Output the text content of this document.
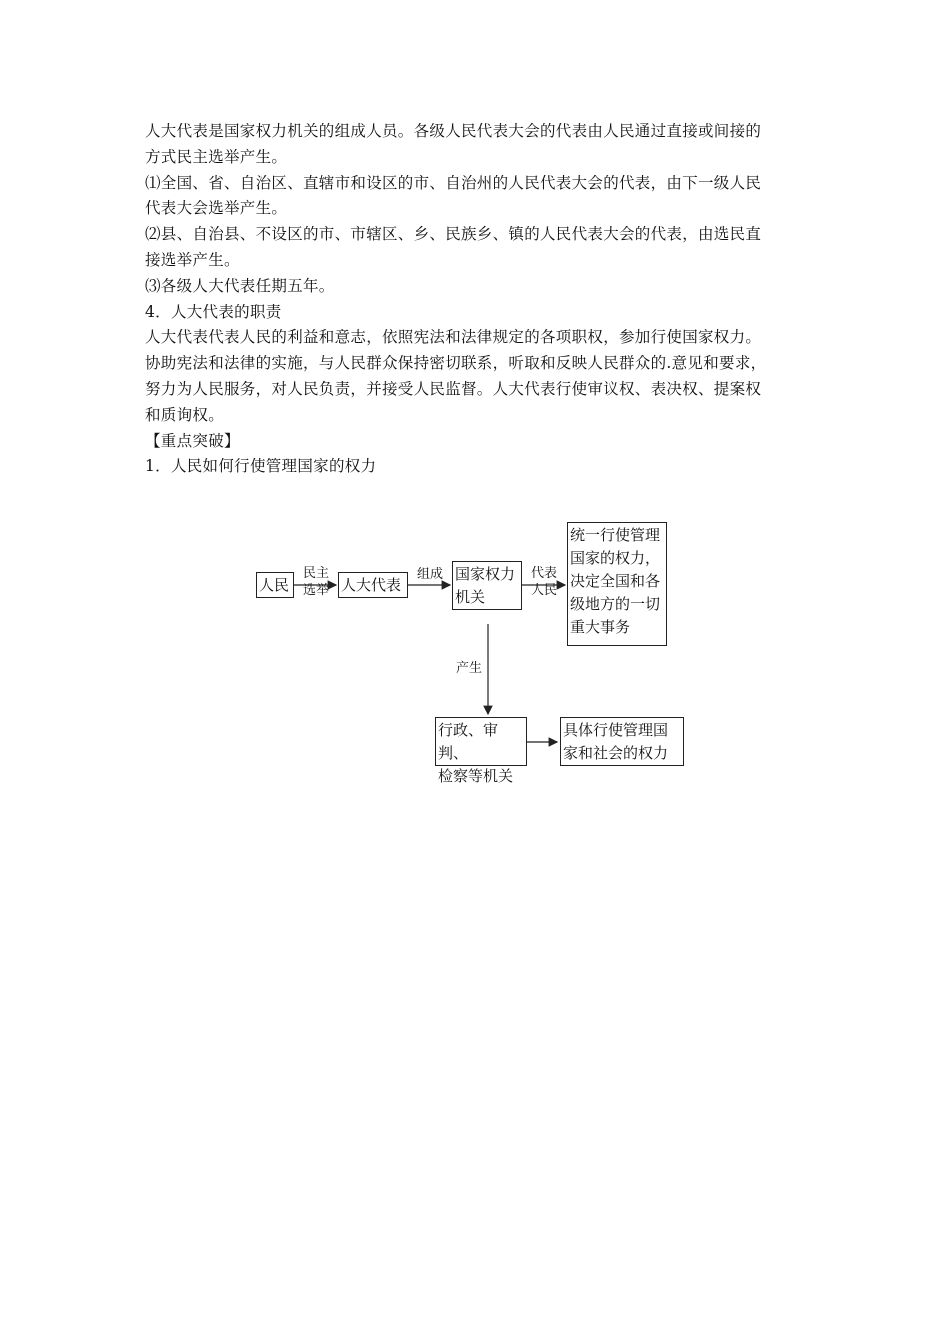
人大代表是国家权力机关的组成人员。各级人民代表大会的代表由人民通过直接或间接的
方式民主选举产生。
⑴全国、省、自治区、直辖市和设区的市、自治州的人民代表大会的代表，由下一级人民
代表大会选举产生。
⑵县、自治县、不设区的市、市辖区、乡、民族乡、镇的人民代表大会的代表，由选民直
接选举产生。
⑶各级人大代表任期五年。
4．人大代表的职责
人大代表代表人民的利益和意志，依照宪法和法律规定的各项职权，参加行使国家权力。
协助宪法和法律的实施，与人民群众保持密切联系，听取和反映人民群众的.意见和要求，
努力为人民服务，对人民负责，并接受人民监督。人大代表行使审议权、表决权、提案权
和质询权。
【重点突破】
1．人民如何行使管理国家的权力
人民	人大代表
国家权力
机关
统一行使管理
国家的权力，
决定全国和各
级地方的一切
重大事务
行政、审判、
检察等机关
具体行使管理国
家和社会的权力
民主
选举
组成	代表
人民
产生
